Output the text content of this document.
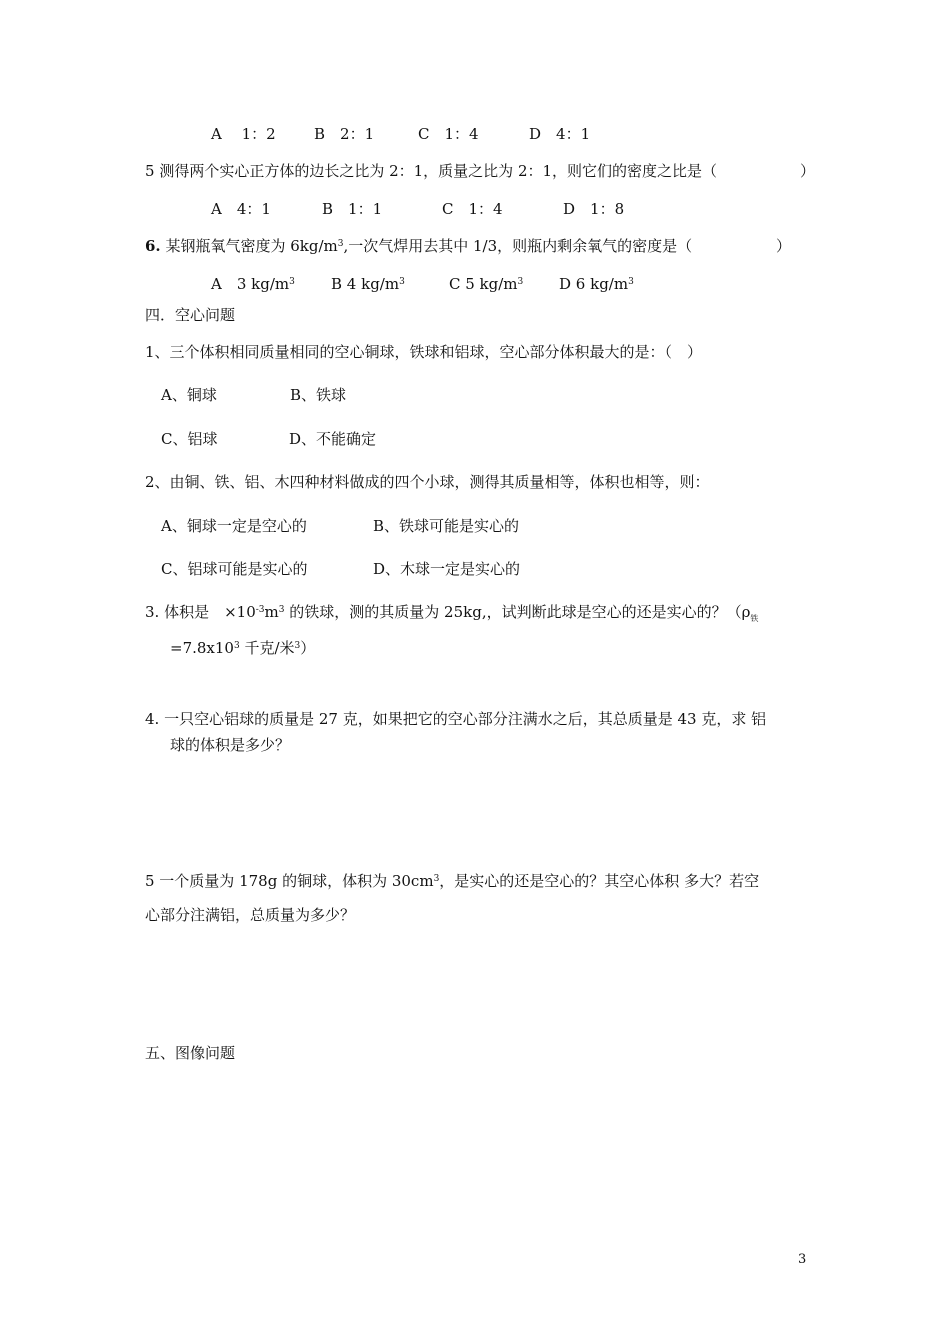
A　 1：2	B　2：1	C　1：4	D　4：1
5 测得两个实心正方体的边长之比为 2：1，质量之比为 2：1，则它们的密度之比是（	）
A　4：1	B　1：1	C　1：4	D　1：8
6. 某钢瓶氧气密度为 $6kg/m^3$,一次气焊用去其中 1/3，则瓶内剩余氧气的密度是（	）
A　3 $kg/m^3$ B 4 $kg/m^3$	C 5 $kg/m^3$ D 6 $kg/m^3$
四．空心问题
1、三个体积相同质量相同的空心铜球，铁球和铝球，空心部分体积最大的是：（　）
A、铜球	B、铁球
C、铝球	D、不能确定
2、由铜、铁、铝、木四种材料做成的四个小球，测得其质量相等，体积也相等，则：
A、铜球一定是空心的	B、铁球可能是实心的
C、铝球可能是实心的	D、木球一定是实心的
3. 体积是　$\times 10^{-3}m^3$ 的铁球，测的其质量为 25kg,，试判断此球是空心的还是实心的？（$\rho_铁$
$=7.8x10^3$ 千克/米$^3$）
4. 一只空心铝球的质量是 27 克，如果把它的空心部分注满水之后，其总质量是 43 克，求 铝
球的体积是多少？
5 一个质量为 178g 的铜球，体积为 $30cm^3$，是实心的还是空心的？其空心体积 多大？若空
心部分注满铝，总质量为多少？
五、图像问题
3
